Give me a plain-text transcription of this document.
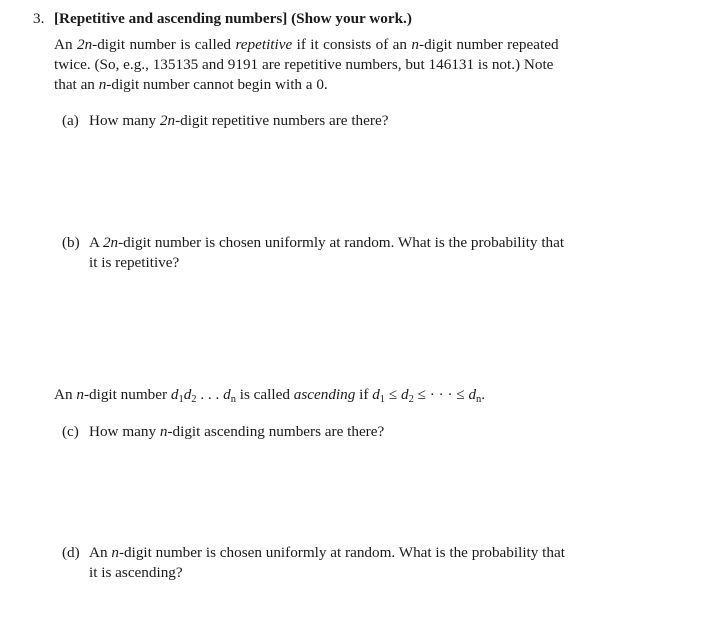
3. [Repetitive and ascending numbers] (Show your work.)
An 2n-digit number is called repetitive if it consists of an n-digit number repeated
twice. (So, e.g., 135135 and 9191 are repetitive numbers, but 146131 is not.) Note
that an n-digit number cannot begin with a 0.
(a) How many 2n-digit repetitive numbers are there?
(b) A 2n-digit number is chosen uniformly at random. What is the probability that
it is repetitive?
An n-digit number $d_1d_2$ . . . $d_n$ is called ascending if $d_1 \le d_2$ ≤ · · · ≤ $d_n$.
(c) How many n-digit ascending numbers are there?
(d) An n-digit number is chosen uniformly at random. What is the probability that
it is ascending?
